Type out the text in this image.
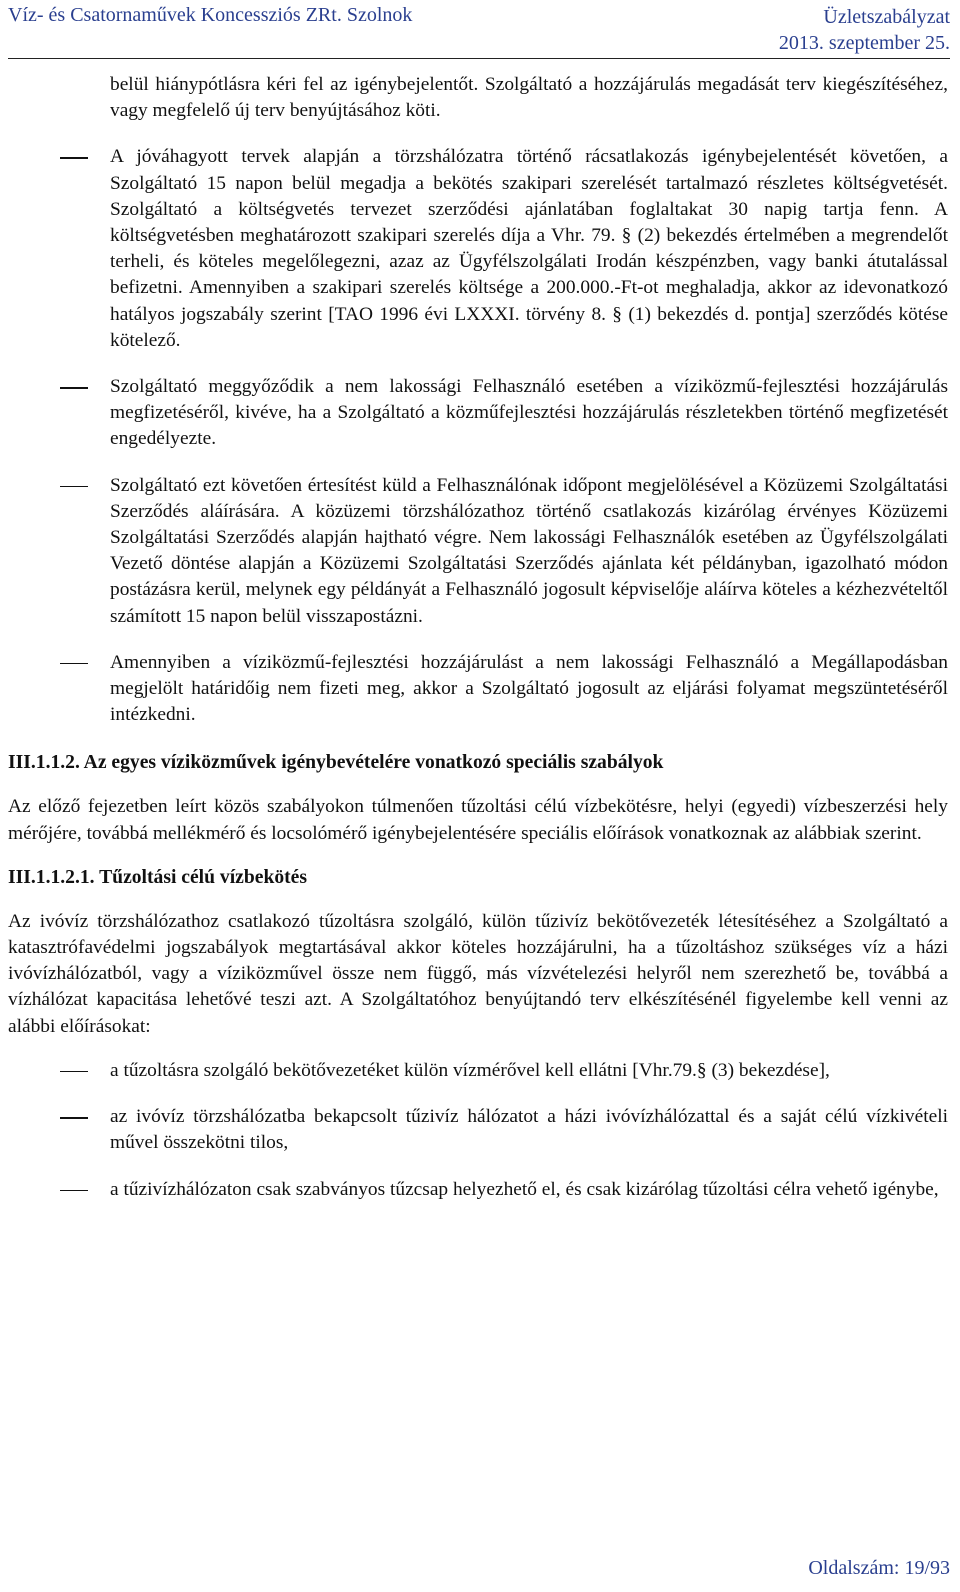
Víz- és Csatornaművek Koncessziós ZRt. Szolnok	Üzletszabályzat
2013. szeptember 25.

belül hiánypótlásra kéri fel az igénybejelentőt. Szolgáltató a hozzájárulás megadását terv kiegészítéséhez, vagy megfelelő új terv benyújtásához köti.

A jóváhagyott tervek alapján a törzshálózatra történő rácsatlakozás igénybejelentését követően, a Szolgáltató 15 napon belül megadja a bekötés szakipari szerelését tartalmazó részletes költségvetését. Szolgáltató a költségvetés tervezet szerződési ajánlatában foglaltakat 30 napig tartja fenn. A költségvetésben meghatározott szakipari szerelés díja a Vhr. 79. § (2) bekezdés értelmében a megrendelőt terheli, és köteles megelőlegezni, azaz az Ügyfélszolgálati Irodán készpénzben, vagy banki átutalással befizetni. Amennyiben a szakipari szerelés költsége a 200.000.-Ft-ot meghaladja, akkor az idevonatkozó hatályos jogszabály szerint [TAO 1996 évi LXXXI. törvény 8. § (1) bekezdés d. pontja] szerződés kötése kötelező.

Szolgáltató meggyőződik a nem lakossági Felhasználó esetében a víziközmű-fejlesztési hozzájárulás megfizetéséről, kivéve, ha a Szolgáltató a közműfejlesztési hozzájárulás részletekben történő megfizetését engedélyezte.

Szolgáltató ezt követően értesítést küld a Felhasználónak időpont megjelölésével a Közüzemi Szolgáltatási Szerződés aláírására. A közüzemi törzshálózathoz történő csatlakozás kizárólag érvényes Közüzemi Szolgáltatási Szerződés alapján hajtható végre. Nem lakossági Felhasználók esetében az Ügyfélszolgálati Vezető döntése alapján a Közüzemi Szolgáltatási Szerződés ajánlata két példányban, igazolható módon postázásra kerül, melynek egy példányát a Felhasználó jogosult képviselője aláírva köteles a kézhezvételtől számított 15 napon belül visszapostázni.

Amennyiben a víziközmű-fejlesztési hozzájárulást a nem lakossági Felhasználó a Megállapodásban megjelölt határidőig nem fizeti meg, akkor a Szolgáltató jogosult az eljárási folyamat megszüntetéséről intézkedni.

III.1.1.2. Az egyes víziközművek igénybevételére vonatkozó speciális szabályok

Az előző fejezetben leírt közös szabályokon túlmenően tűzoltási célú vízbekötésre, helyi (egyedi) vízbeszerzési hely mérőjére, továbbá mellékmérő és locsolómérő igénybejelentésére speciális előírások vonatkoznak az alábbiak szerint.

III.1.1.2.1. Tűzoltási célú vízbekötés

Az ivóvíz törzshálózathoz csatlakozó tűzoltásra szolgáló, külön tűzivíz bekötővezeték létesítéséhez a Szolgáltató a katasztrófavédelmi jogszabályok megtartásával akkor köteles hozzájárulni, ha a tűzoltáshoz szükséges víz a házi ivóvízhálózatból, vagy a víziközművel össze nem függő, más vízvételezési helyről nem szerezhető be, továbbá a vízhálózat kapacitása lehetővé teszi azt. A Szolgáltatóhoz benyújtandó terv elkészítésénél figyelembe kell venni az alábbi előírásokat:

a tűzoltásra szolgáló bekötővezetéket külön vízmérővel kell ellátni [Vhr.79.§ (3) bekezdése],

az ivóvíz törzshálózatba bekapcsolt tűzivíz hálózatot a házi ivóvízhálózattal és a saját célú vízkivételi művel összekötni tilos,

a tűzivízhálózaton csak szabványos tűzcsap helyezhető el, és csak kizárólag tűzoltási célra vehető igénybe,

Oldalszám: 19/93
